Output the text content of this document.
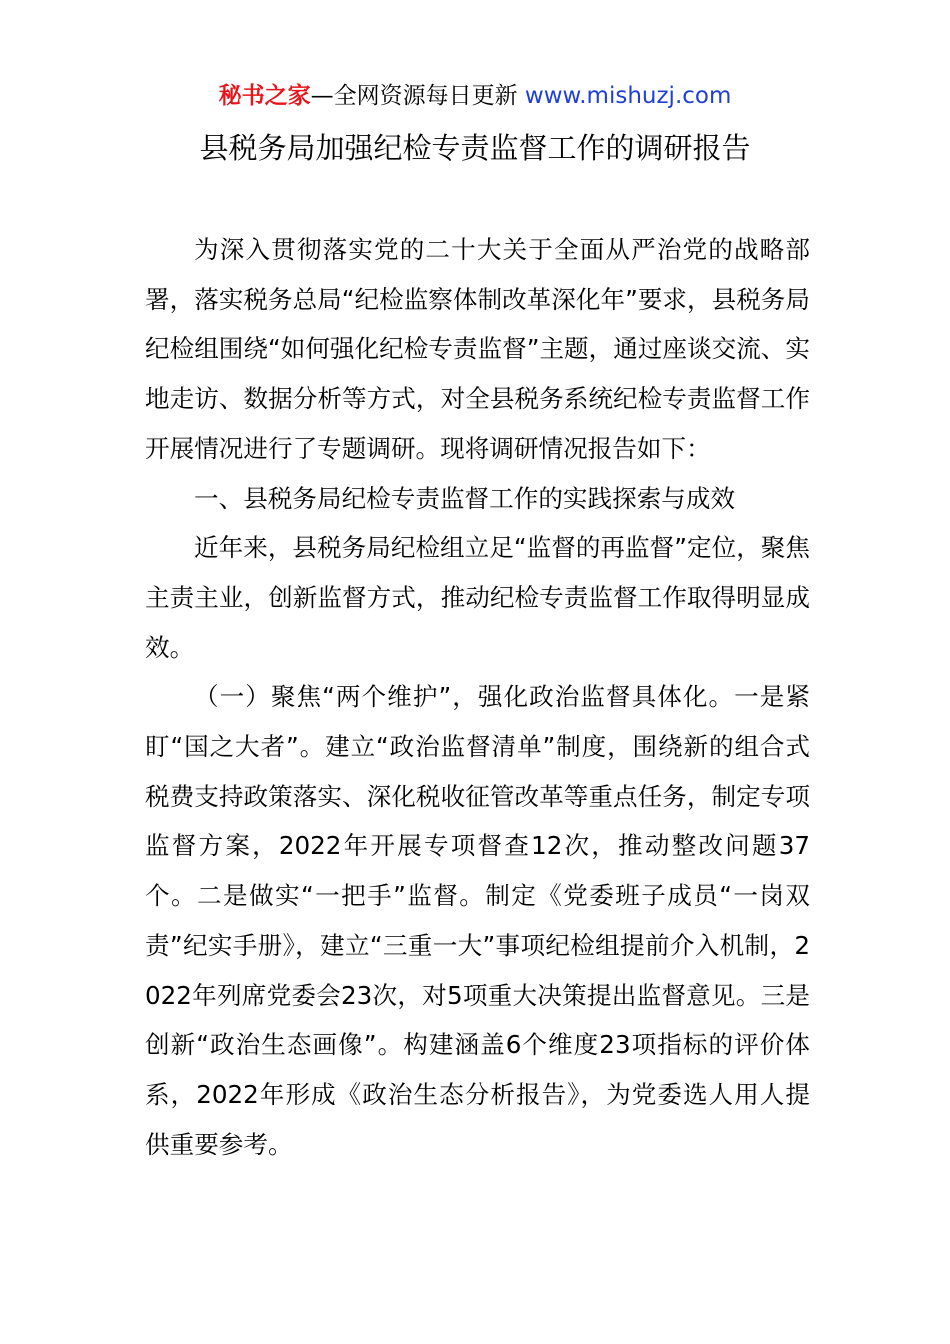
秘书之家—全网资源每日更新 www.mishuzj.com
县税务局加强纪检专责监督工作的调研报告

为深入贯彻落实党的二十大关于全面从严治党的战略部署，落实税务总局“纪检监察体制改革深化年”要求，县税务局纪检组围绕“如何强化纪检专责监督”主题，通过座谈交流、实地走访、数据分析等方式，对全县税务系统纪检专责监督工作开展情况进行了专题调研。现将调研情况报告如下：

一、县税务局纪检专责监督工作的实践探索与成效

近年来，县税务局纪检组立足“监督的再监督”定位，聚焦主责主业，创新监督方式，推动纪检专责监督工作取得明显成效。

（一）聚焦“两个维护”，强化政治监督具体化。一是紧盯“国之大者”。建立“政治监督清单”制度，围绕新的组合式税费支持政策落实、深化税收征管改革等重点任务，制定专项监督方案，2022年开展专项督查12次，推动整改问题37个。二是做实“一把手”监督。制定《党委班子成员“一岗双责”纪实手册》，建立“三重一大”事项纪检组提前介入机制，2022年列席党委会23次，对5项重大决策提出监督意见。三是创新“政治生态画像”。构建涵盖6个维度23项指标的评价体系，2022年形成《政治生态分析报告》，为党委选人用人提供重要参考。
